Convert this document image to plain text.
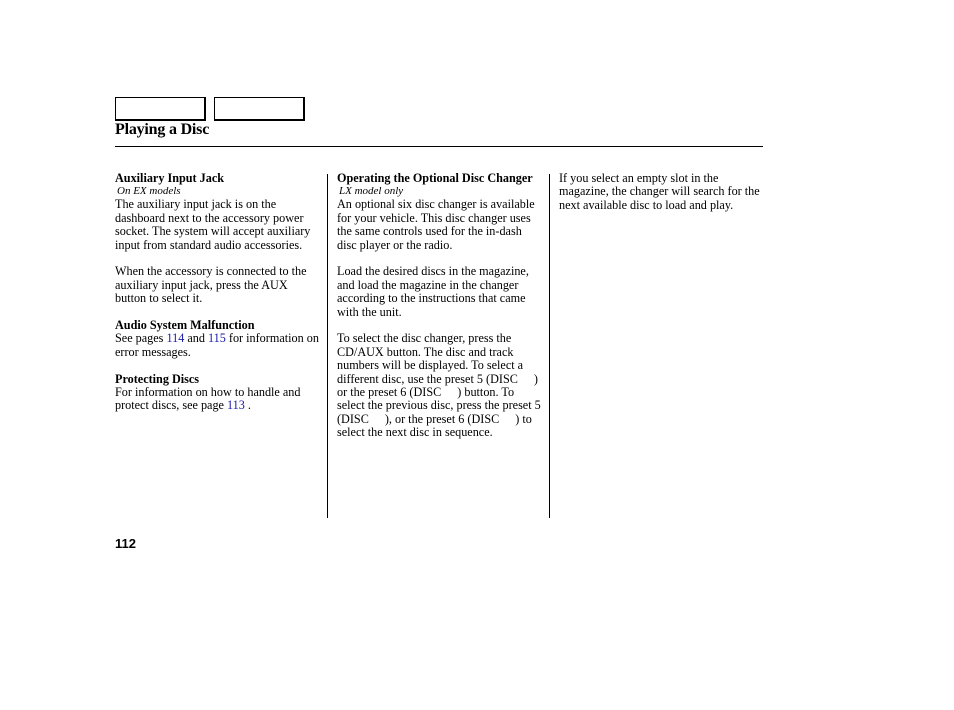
Playing a Disc
Auxiliary Input Jack
On EX models

The auxiliary input jack is on the dashboard next to the accessory power socket. The system will accept auxiliary input from standard audio accessories.

When the accessory is connected to the auxiliary input jack, press the AUX button to select it.

Audio System Malfunction

See pages 114 and 115 for information on error messages.

Protecting Discs

For information on how to handle and protect discs, see page 113 .

Operating the Optional Disc Changer
LX model only

An optional six disc changer is available for your vehicle. This disc changer uses the same controls used for the in-dash disc player or the radio.

Load the desired discs in the magazine, and load the magazine in the changer according to the instructions that came with the unit.

To select the disc changer, press the CD/AUX button. The disc and track numbers will be displayed. To select a different disc, use the preset 5 (DISC ) or the preset 6 (DISC ) button. To select the previous disc, press the preset 5 (DISC ), or the preset 6 (DISC ) to select the next disc in sequence.

If you select an empty slot in the magazine, the changer will search for the next available disc to load and play.

112
